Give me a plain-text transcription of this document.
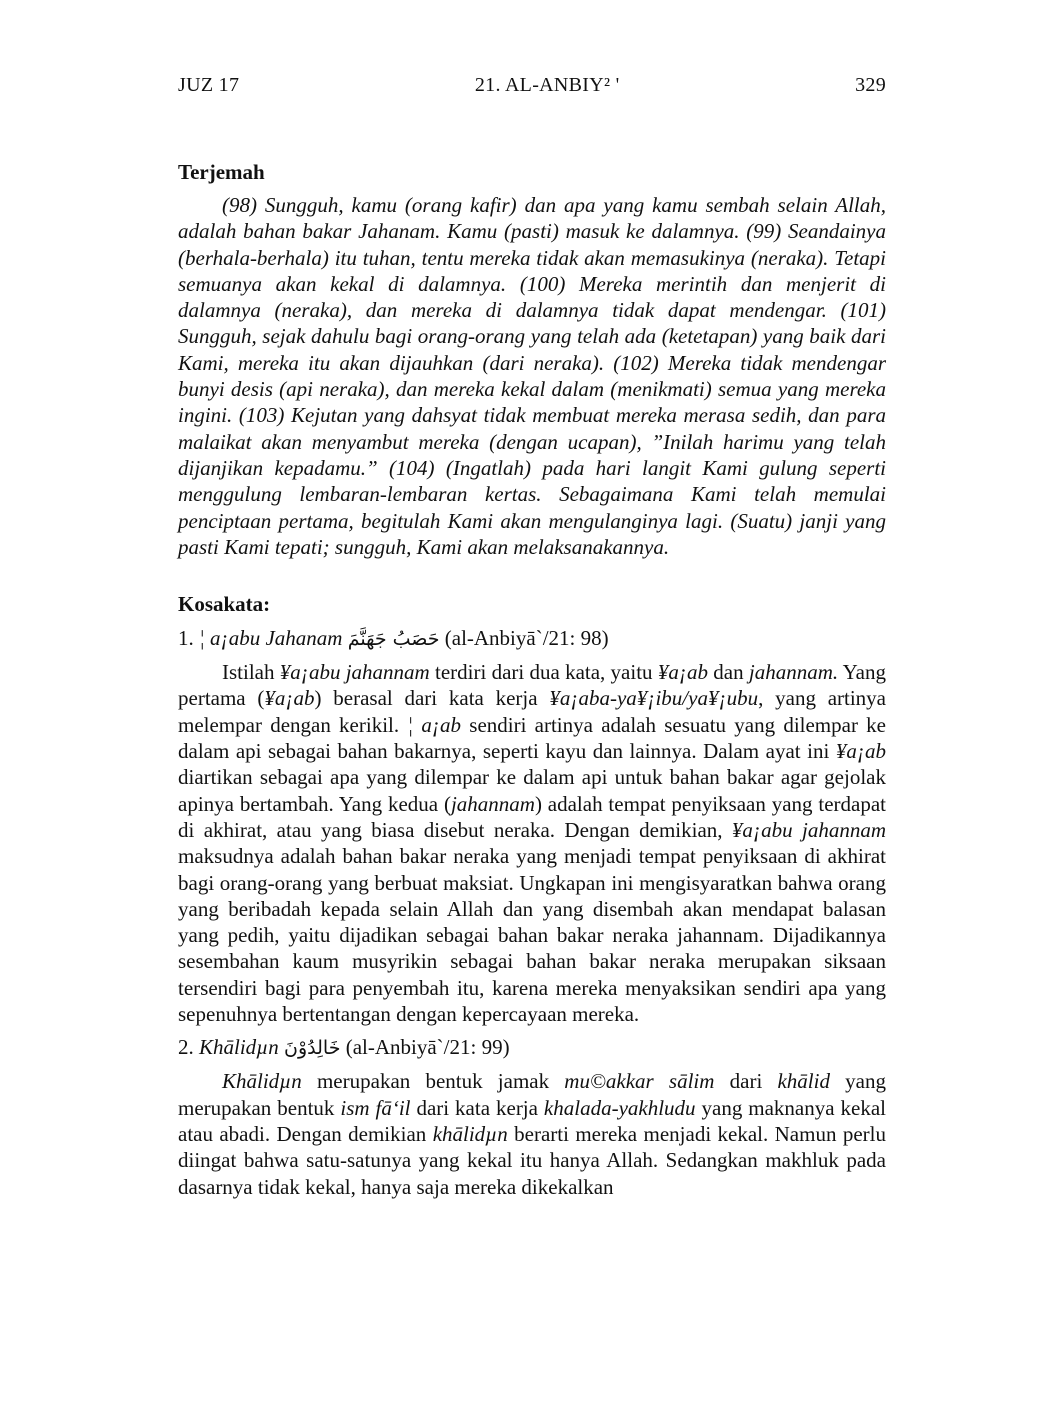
JUZ 17	21. AL-ANBIY² '	329
Terjemah

(98) Sungguh, kamu (orang kafir) dan apa yang kamu sembah selain Allah, adalah bahan bakar Jahanam. Kamu (pasti) masuk ke dalamnya. (99) Seandainya (berhala-berhala) itu tuhan, tentu mereka tidak akan memasukinya (neraka). Tetapi semuanya akan kekal di dalamnya. (100) Mereka merintih dan menjerit di dalamnya (neraka), dan mereka di dalamnya tidak dapat mendengar. (101) Sungguh, sejak dahulu bagi orang-orang yang telah ada (ketetapan) yang baik dari Kami, mereka itu akan dijauhkan (dari neraka). (102) Mereka tidak mendengar bunyi desis (api neraka), dan mereka kekal dalam (menikmati) semua yang mereka ingini. (103) Kejutan yang dahsyat tidak membuat mereka merasa sedih, dan para malaikat akan menyambut mereka (dengan ucapan), ”Inilah harimu yang telah dijanjikan kepadamu.” (104) (Ingatlah) pada hari langit Kami gulung seperti menggulung lembaran-lembaran kertas. Sebagaimana Kami telah memulai penciptaan pertama, begitulah Kami akan mengulanginya lagi. (Suatu) janji yang pasti Kami tepati; sungguh, Kami akan melaksanakannya.

Kosakata:
1. ¦ a¡abu Jahanam حَصَبُ جَهَنَّمَ (al-Anbiyā`/21: 98)

Istilah ¥a¡abu jahannam terdiri dari dua kata, yaitu ¥a¡ab dan jahannam. Yang pertama (¥a¡ab) berasal dari kata kerja ¥a¡aba-ya¥¡ibu/ya¥¡ubu, yang artinya melempar dengan kerikil. ¦ a¡ab sendiri artinya adalah sesuatu yang dilempar ke dalam api sebagai bahan bakarnya, seperti kayu dan lainnya. Dalam ayat ini ¥a¡ab diartikan sebagai apa yang dilempar ke dalam api untuk bahan bakar agar gejolak apinya bertambah. Yang kedua (jahannam) adalah tempat penyiksaan yang terdapat di akhirat, atau yang biasa disebut neraka. Dengan demikian, ¥a¡abu jahannam maksudnya adalah bahan bakar neraka yang menjadi tempat penyiksaan di akhirat bagi orang-orang yang berbuat maksiat. Ungkapan ini mengisyaratkan bahwa orang yang beribadah kepada selain Allah dan yang disembah akan mendapat balasan yang pedih, yaitu dijadikan sebagai bahan bakar neraka jahannam. Dijadikannya sesembahan kaum musyrikin sebagai bahan bakar neraka merupakan siksaan tersendiri bagi para penyembah itu, karena mereka menyaksikan sendiri apa yang sepenuhnya bertentangan dengan kepercayaan mereka.

2. Khālidµn خَالِدُوْنَ (al-Anbiyā`/21: 99)

Khālidµn merupakan bentuk jamak mu©akkar sālim dari khālid yang merupakan bentuk ism fā‘il dari kata kerja khalada-yakhludu yang maknanya kekal atau abadi. Dengan demikian khālidµn berarti mereka menjadi kekal. Namun perlu diingat bahwa satu-satunya yang kekal itu hanya Allah. Sedangkan makhluk pada dasarnya tidak kekal, hanya saja mereka dikekalkan
